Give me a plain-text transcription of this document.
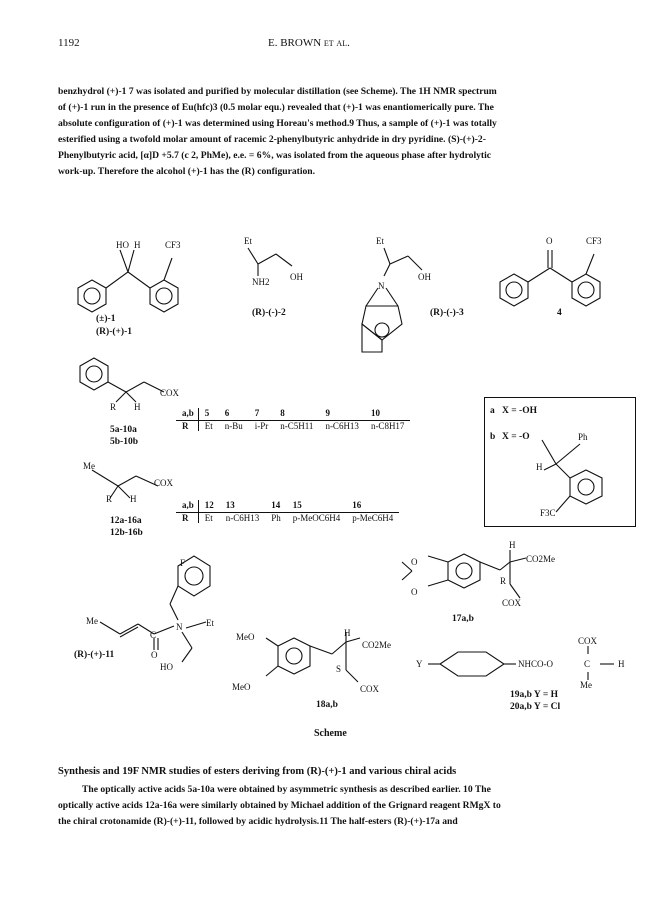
1192	E. BROWN et al.
benzhydrol (+)-1 7 was isolated and purified by molecular distillation (see Scheme). The 1H NMR spectrum
of (+)-1 run in the presence of Eu(hfc)3 (0.5 molar equ.) revealed that (+)-1 was enantiomerically pure. The
absolute configuration of (+)-1 was determined using Horeau's method.9 Thus, a sample of (+)-1 was totally
esterified using a twofold molar amount of racemic 2-phenylbutyric anhydride in dry pyridine. (S)-(+)-2-
Phenylbutyric acid, [α]D +5.7 (c 2, PhMe), e.e. = 6%, was isolated from the aqueous phase after hydrolytic
work-up. Therefore the alcohol (+)-1 has the (R) configuration.
HO H	CF3
(±)-1
(R)-(+)-1
Et
NH2 OH
(R)-(-)-2
Et
N
OH
(R)-(-)-3
O	CF3
4
COX
R H
5a-10a
5b-10b
a,b	5	6	7	8	9	10
R	Et	n-Bu	i-Pr	n-C5H11	n-C6H13	n-C8H17
a X = -OH
b X = -O	Ph
H
F3C
Me
COX
R H
12a-16a
12b-16b
a,b	12	13	14	15	16
R	Et	n-C6H13	Ph	p-MeOC6H4	p-MeC6H4
F
Me
C
O
N	Et
HO
(R)-(+)-11
O
O
H
CO2Me
R
COX
17a,b
MeO
MeO
H
CO2Me
S
COX
18a,b
Y	NHCO-O
COX
C	H
Me
19a,b Y = H
20a,b Y = Cl
Scheme
Synthesis and 19F NMR studies of esters deriving from (R)-(+)-1 and various chiral acids
The optically active acids 5a-10a were obtained by asymmetric synthesis as described earlier. 10 The
optically active acids 12a-16a were similarly obtained by Michael addition of the Grignard reagent RMgX to
the chiral crotonamide (R)-(+)-11, followed by acidic hydrolysis.11 The half-esters (R)-(+)-17a and
